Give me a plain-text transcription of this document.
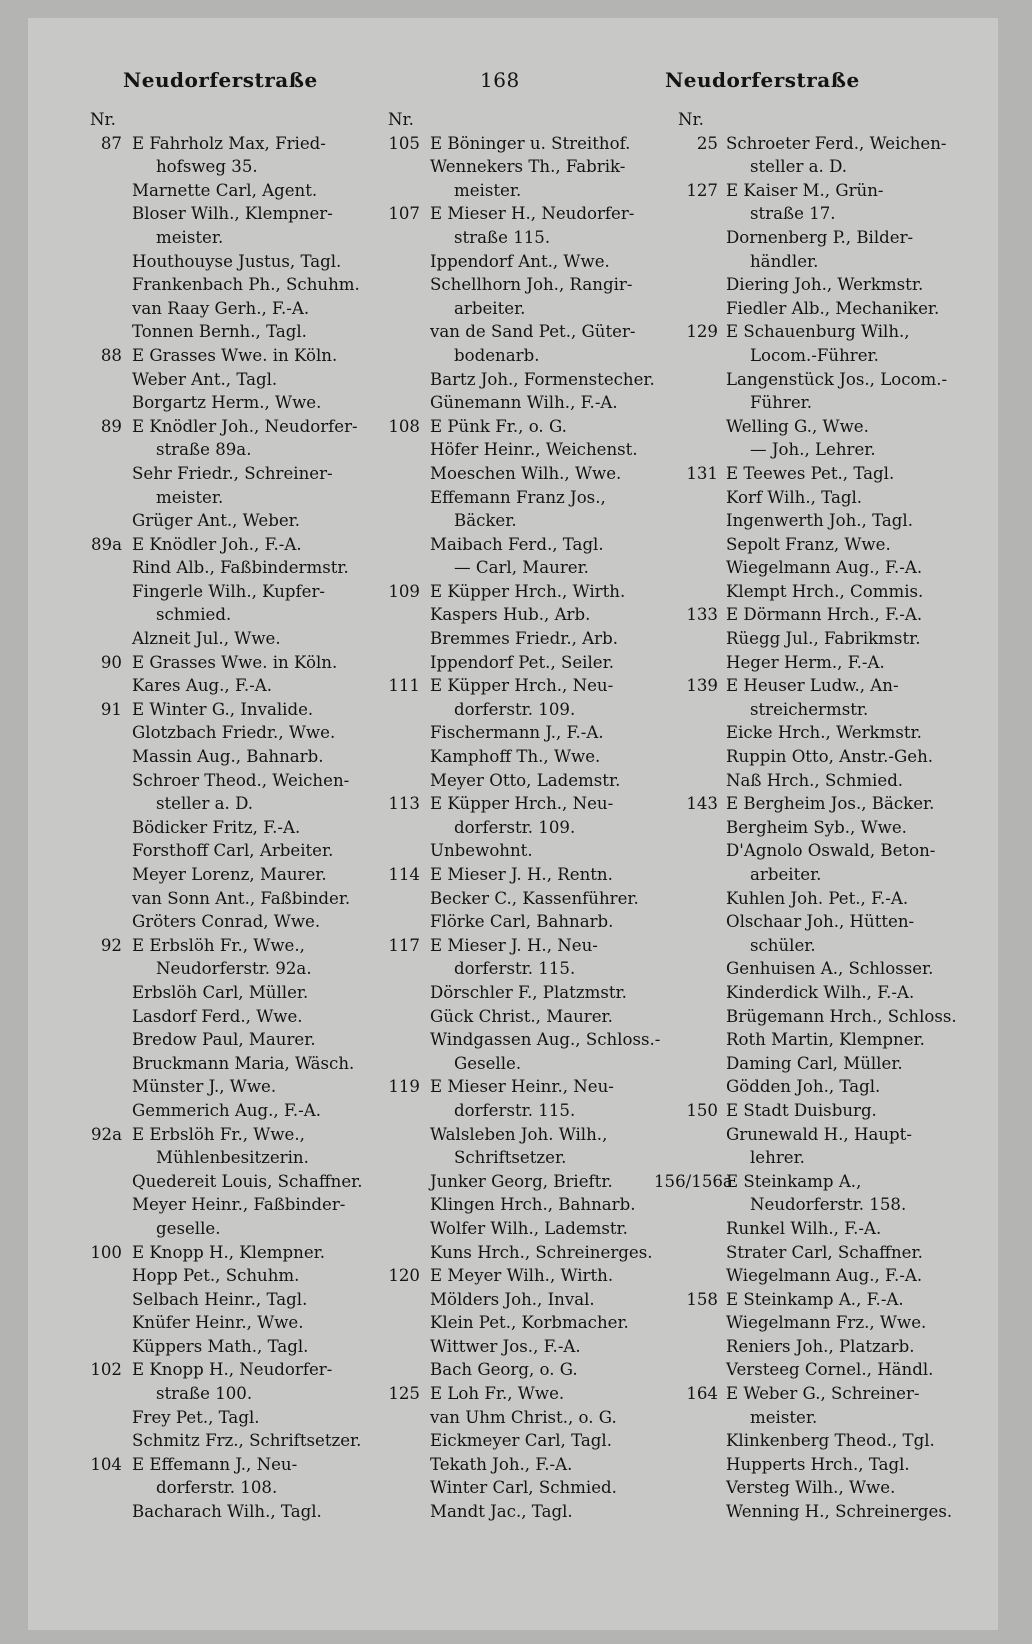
Neudorferstraße	168	Neudorferstraße
Nr.
87 E Fahrholz Max, Fried-
hofsweg 35.
Marnette Carl, Agent.
Bloser Wilh., Klempner-
meister.
Houthouyse Justus, Tagl.
Frankenbach Ph., Schuhm.
van Raay Gerh., F.-A.
Tonnen Bernh., Tagl.
88 E Grasses Wwe. in Köln.
Weber Ant., Tagl.
Borgartz Herm., Wwe.
89 E Knödler Joh., Neudorfer-
straße 89a.
Sehr Friedr., Schreiner-
meister.
Grüger Ant., Weber.
89a E Knödler Joh., F.-A.
Rind Alb., Faßbindermstr.
Fingerle Wilh., Kupfer-
schmied.
Alzneit Jul., Wwe.
90 E Grasses Wwe. in Köln.
Kares Aug., F.-A.
91 E Winter G., Invalide.
Glotzbach Friedr., Wwe.
Massin Aug., Bahnarb.
Schroer Theod., Weichen-
steller a. D.
Bödicker Fritz, F.-A.
Forsthoff Carl, Arbeiter.
Meyer Lorenz, Maurer.
van Sonn Ant., Faßbinder.
Gröters Conrad, Wwe.
92 E Erbslöh Fr., Wwe.,
Neudorferstr. 92a.
Erbslöh Carl, Müller.
Lasdorf Ferd., Wwe.
Bredow Paul, Maurer.
Bruckmann Maria, Wäsch.
Münster J., Wwe.
Gemmerich Aug., F.-A.
92a E Erbslöh Fr., Wwe.,
Mühlenbesitzerin.
Quedereit Louis, Schaffner.
Meyer Heinr., Faßbinder-
geselle.
100 E Knopp H., Klempner.
Hopp Pet., Schuhm.
Selbach Heinr., Tagl.
Knüfer Heinr., Wwe.
Küppers Math., Tagl.
102 E Knopp H., Neudorfer-
straße 100.
Frey Pet., Tagl.
Schmitz Frz., Schriftsetzer.
104 E Effemann J., Neu-
dorferstr. 108.
Bacharach Wilh., Tagl.
Nr.
105 E Böninger u. Streithof.
Wennekers Th., Fabrik-
meister.
107 E Mieser H., Neudorfer-
straße 115.
Ippendorf Ant., Wwe.
Schellhorn Joh., Rangir-
arbeiter.
van de Sand Pet., Güter-
bodenarb.
Bartz Joh., Formenstecher.
Günemann Wilh., F.-A.
108 E Pünk Fr., o. G.
Höfer Heinr., Weichenst.
Moeschen Wilh., Wwe.
Effemann Franz Jos.,
Bäcker.
Maibach Ferd., Tagl.
— Carl, Maurer.
109 E Küpper Hrch., Wirth.
Kaspers Hub., Arb.
Bremmes Friedr., Arb.
Ippendorf Pet., Seiler.
111 E Küpper Hrch., Neu-
dorferstr. 109.
Fischermann J., F.-A.
Kamphoff Th., Wwe.
Meyer Otto, Lademstr.
113 E Küpper Hrch., Neu-
dorferstr. 109.
Unbewohnt.
114 E Mieser J. H., Rentn.
Becker C., Kassenführer.
Flörke Carl, Bahnarb.
117 E Mieser J. H., Neu-
dorferstr. 115.
Dörschler F., Platzmstr.
Gück Christ., Maurer.
Windgassen Aug., Schloss.-
Geselle.
119 E Mieser Heinr., Neu-
dorferstr. 115.
Walsleben Joh. Wilh.,
Schriftsetzer.
Junker Georg, Brieftr.
Klingen Hrch., Bahnarb.
Wolfer Wilh., Lademstr.
Kuns Hrch., Schreinerges.
120 E Meyer Wilh., Wirth.
Mölders Joh., Inval.
Klein Pet., Korbmacher.
Wittwer Jos., F.-A.
Bach Georg, o. G.
125 E Loh Fr., Wwe.
van Uhm Christ., o. G.
Eickmeyer Carl, Tagl.
Tekath Joh., F.-A.
Winter Carl, Schmied.
Mandt Jac., Tagl.
Nr.
25 Schroeter Ferd., Weichen-
steller a. D.
127 E Kaiser M., Grün-
straße 17.
Dornenberg P., Bilder-
händler.
Diering Joh., Werkmstr.
Fiedler Alb., Mechaniker.
129 E Schauenburg Wilh.,
Locom.-Führer.
Langenstück Jos., Locom.-
Führer.
Welling G., Wwe.
— Joh., Lehrer.
131 E Teewes Pet., Tagl.
Korf Wilh., Tagl.
Ingenwerth Joh., Tagl.
Sepolt Franz, Wwe.
Wiegelmann Aug., F.-A.
Klempt Hrch., Commis.
133 E Dörmann Hrch., F.-A.
Rüegg Jul., Fabrikmstr.
Heger Herm., F.-A.
139 E Heuser Ludw., An-
streichermstr.
Eicke Hrch., Werkmstr.
Ruppin Otto, Anstr.-Geh.
Naß Hrch., Schmied.
143 E Bergheim Jos., Bäcker.
Bergheim Syb., Wwe.
D'Agnolo Oswald, Beton-
arbeiter.
Kuhlen Joh. Pet., F.-A.
Olschaar Joh., Hütten-
schüler.
Genhuisen A., Schlosser.
Kinderdick Wilh., F.-A.
Brügemann Hrch., Schloss.
Roth Martin, Klempner.
Daming Carl, Müller.
Gödden Joh., Tagl.
150 E Stadt Duisburg.
Grunewald H., Haupt-
lehrer.
156/156a
E Steinkamp A.,
Neudorferstr. 158.
Runkel Wilh., F.-A.
Strater Carl, Schaffner.
Wiegelmann Aug., F.-A.
158 E Steinkamp A., F.-A.
Wiegelmann Frz., Wwe.
Reniers Joh., Platzarb.
Versteeg Cornel., Händl.
164 E Weber G., Schreiner-
meister.
Klinkenberg Theod., Tgl.
Hupperts Hrch., Tagl.
Versteg Wilh., Wwe.
Wenning H., Schreinerges.
